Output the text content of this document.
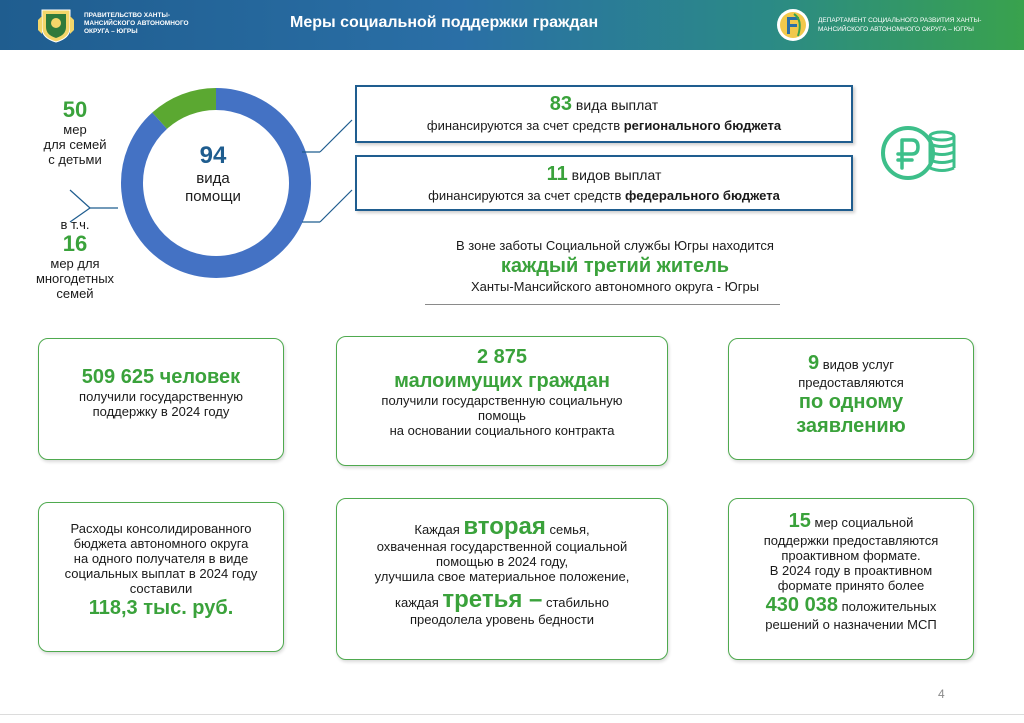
ПРАВИТЕЛЬСТВО ХАНТЫ-МАНСИЙСКОГО АВТОНОМНОГО ОКРУГА – ЮГРЫ
Меры социальной поддержки граждан	ДЕПАРТАМЕНТ СОЦИАЛЬНОГО РАЗВИТИЯ ХАНТЫ-МАНСИЙСКОГО АВТОНОМНОГО ОКРУГА – ЮГРЫ
50
мер
для семей
с детьми
в т.ч.
16
мер для
многодетных
семей
94
вида
помощи
83 вида выплат
финансируются за счет средств регионального бюджета
11 видов выплат
финансируются за счет средств федерального бюджета
В зоне заботы Социальной службы Югры находится
каждый третий житель
Ханты-Мансийского автономного округа - Югры
509 625 человек
получили государственную
поддержку в 2024 году
2 875
малоимущих граждан
получили государственную социальную
помощь
на основании социального контракта
9 видов услуг
предоставляются
по одному
заявлению
Расходы консолидированного
бюджета автономного округа
на одного получателя в виде
социальных выплат в 2024 году
составили
118,3 тыс. руб.
Каждая вторая семья,
охваченная государственной социальной
помощью в 2024 году,
улучшила свое материальное положение,
каждая третья – стабильно
преодолела уровень бедности
15 мер социальной
поддержки предоставляются
проактивном формате.
В 2024 году в проактивном
формате принято более
430 038 положительных
решений о назначении МСП
4
